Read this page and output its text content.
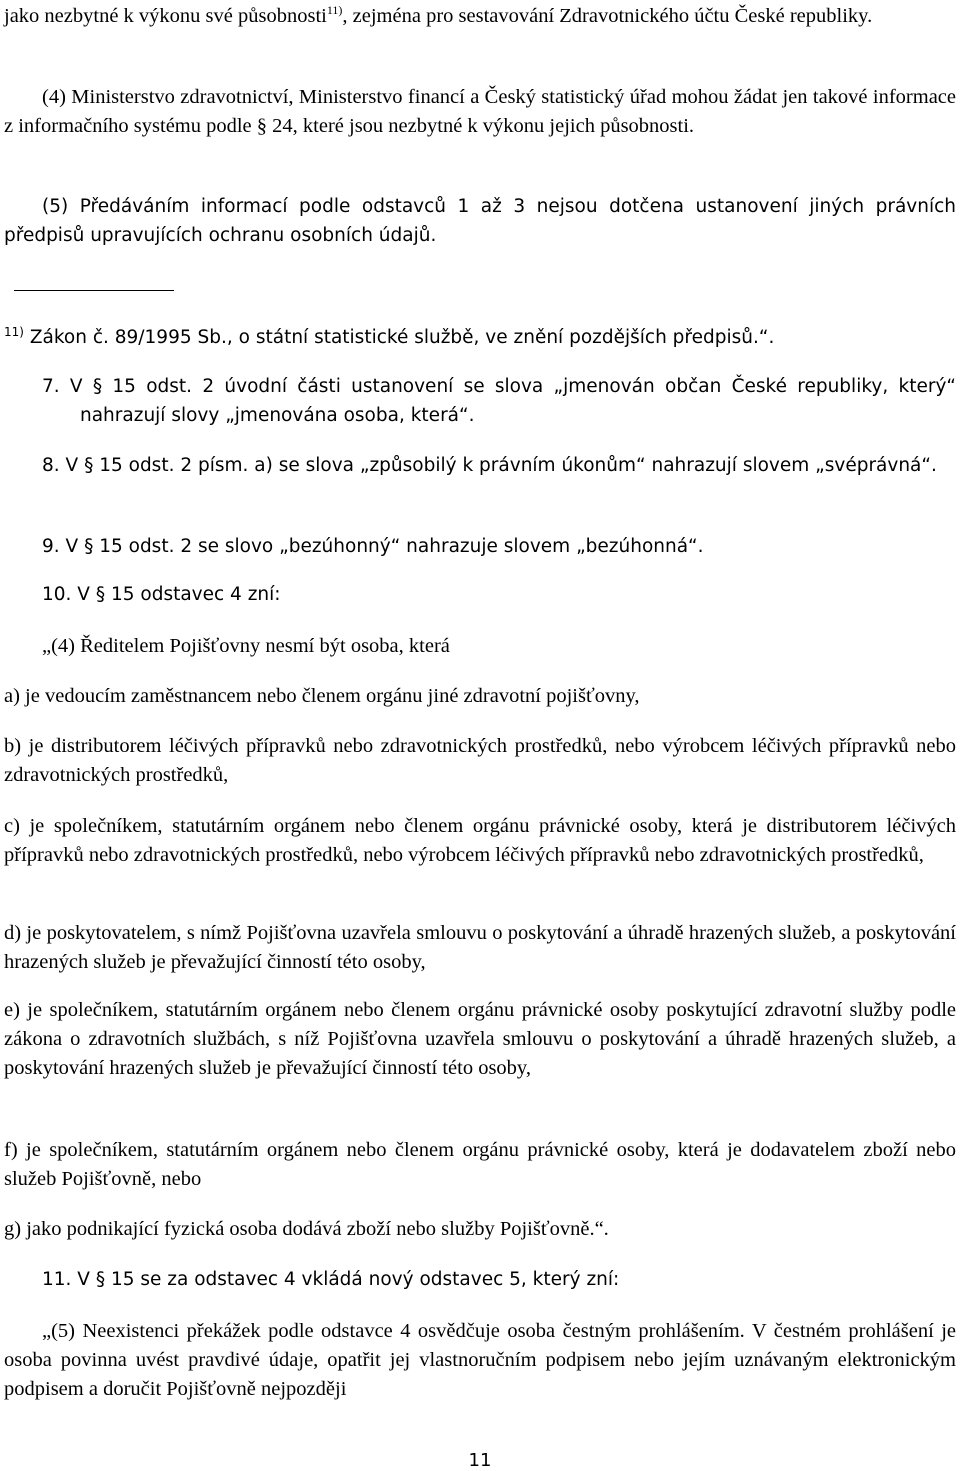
jako nezbytné k výkonu své působnosti$^{11)}$, zejména pro sestavování Zdravotnického účtu České republiky.

(4) Ministerstvo zdravotnictví, Ministerstvo financí a Český statistický úřad mohou žádat jen takové informace z informačního systému podle § 24, které jsou nezbytné k výkonu jejich působnosti.

(5) Předáváním informací podle odstavců 1 až 3 nejsou dotčena ustanovení jiných právních předpisů upravujících ochranu osobních údajů.

$^{11)}$ Zákon č. 89/1995 Sb., o státní statistické službě, ve znění pozdějších předpisů.“.

7. V § 15 odst. 2 úvodní části ustanovení se slova „jmenován občan České republiky, který“ nahrazují slovy „jmenována osoba, která“.

8. V § 15 odst. 2 písm. a) se slova „způsobilý k právním úkonům“ nahrazují slovem „svéprávná“.

9. V § 15 odst. 2 se slovo „bezúhonný“ nahrazuje slovem „bezúhonná“.

10. V § 15 odstavec 4 zní:

„(4) Ředitelem Pojišťovny nesmí být osoba, která

a) je vedoucím zaměstnancem nebo členem orgánu jiné zdravotní pojišťovny,

b) je distributorem léčivých přípravků nebo zdravotnických prostředků, nebo výrobcem léčivých přípravků nebo zdravotnických prostředků,

c) je společníkem, statutárním orgánem nebo členem orgánu právnické osoby, která je distributorem léčivých přípravků nebo zdravotnických prostředků, nebo výrobcem léčivých přípravků nebo zdravotnických prostředků,

d) je poskytovatelem, s nímž Pojišťovna uzavřela smlouvu o poskytování a úhradě hrazených služeb, a poskytování hrazených služeb je převažující činností této osoby,

e) je společníkem, statutárním orgánem nebo členem orgánu právnické osoby poskytující zdravotní služby podle zákona o zdravotních službách, s níž Pojišťovna uzavřela smlouvu o poskytování a úhradě hrazených služeb, a poskytování hrazených služeb je převažující činností této osoby,

f) je společníkem, statutárním orgánem nebo členem orgánu právnické osoby, která je dodavatelem zboží nebo služeb Pojišťovně, nebo

g) jako podnikající fyzická osoba dodává zboží nebo služby Pojišťovně.“.

11. V § 15 se za odstavec 4 vkládá nový odstavec 5, který zní:

„(5) Neexistenci překážek podle odstavce 4 osvědčuje osoba čestným prohlášením. V čestném prohlášení je osoba povinna uvést pravdivé údaje, opatřit jej vlastnoručním podpisem nebo jejím uznávaným elektronickým podpisem a doručit Pojišťovně nejpozději

11
